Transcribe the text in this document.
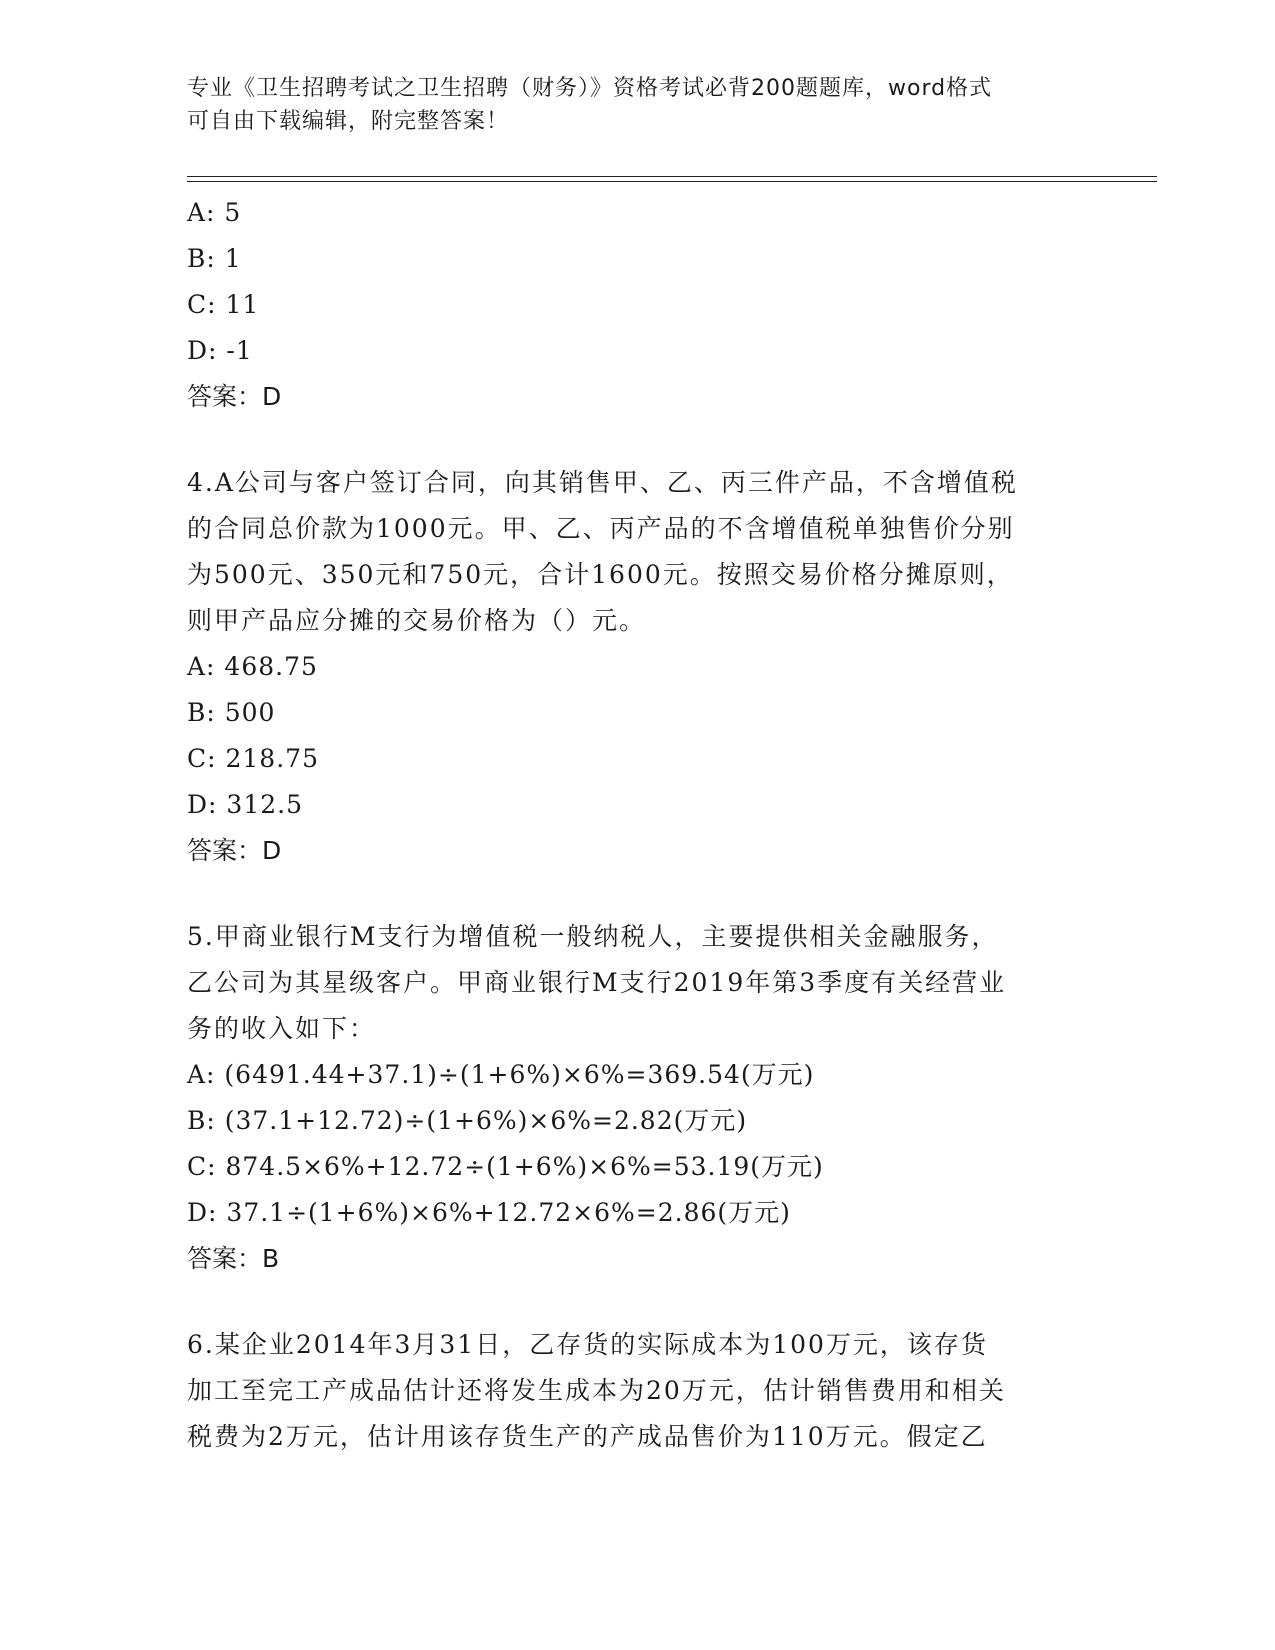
专业《卫生招聘考试之卫生招聘（财务）》资格考试必背200题题库，word格式
可自由下载编辑，附完整答案！
A: 5
B: 1
C: 11
D: -1
答案：D
4.A公司与客户签订合同，向其销售甲、乙、丙三件产品，不含增值税
的合同总价款为1000元。甲、乙、丙产品的不含增值税单独售价分别
为500元、350元和750元，合计1600元。按照交易价格分摊原则，
则甲产品应分摊的交易价格为（）元。
A: 468.75
B: 500
C: 218.75
D: 312.5
答案：D
5.甲商业银行M支行为增值税一般纳税人，主要提供相关金融服务，
乙公司为其星级客户。甲商业银行M支行2019年第3季度有关经营业
务的收入如下：
A: (6491.44+37.1)÷(1+6%)×6%=369.54(万元)
B: (37.1+12.72)÷(1+6%)×6%=2.82(万元)
C: 874.5×6%+12.72÷(1+6%)×6%=53.19(万元)
D: 37.1÷(1+6%)×6%+12.72×6%=2.86(万元)
答案：B
6.某企业2014年3月31日，乙存货的实际成本为100万元，该存货
加工至完工产成品估计还将发生成本为20万元，估计销售费用和相关
税费为2万元，估计用该存货生产的产成品售价为110万元。假定乙
